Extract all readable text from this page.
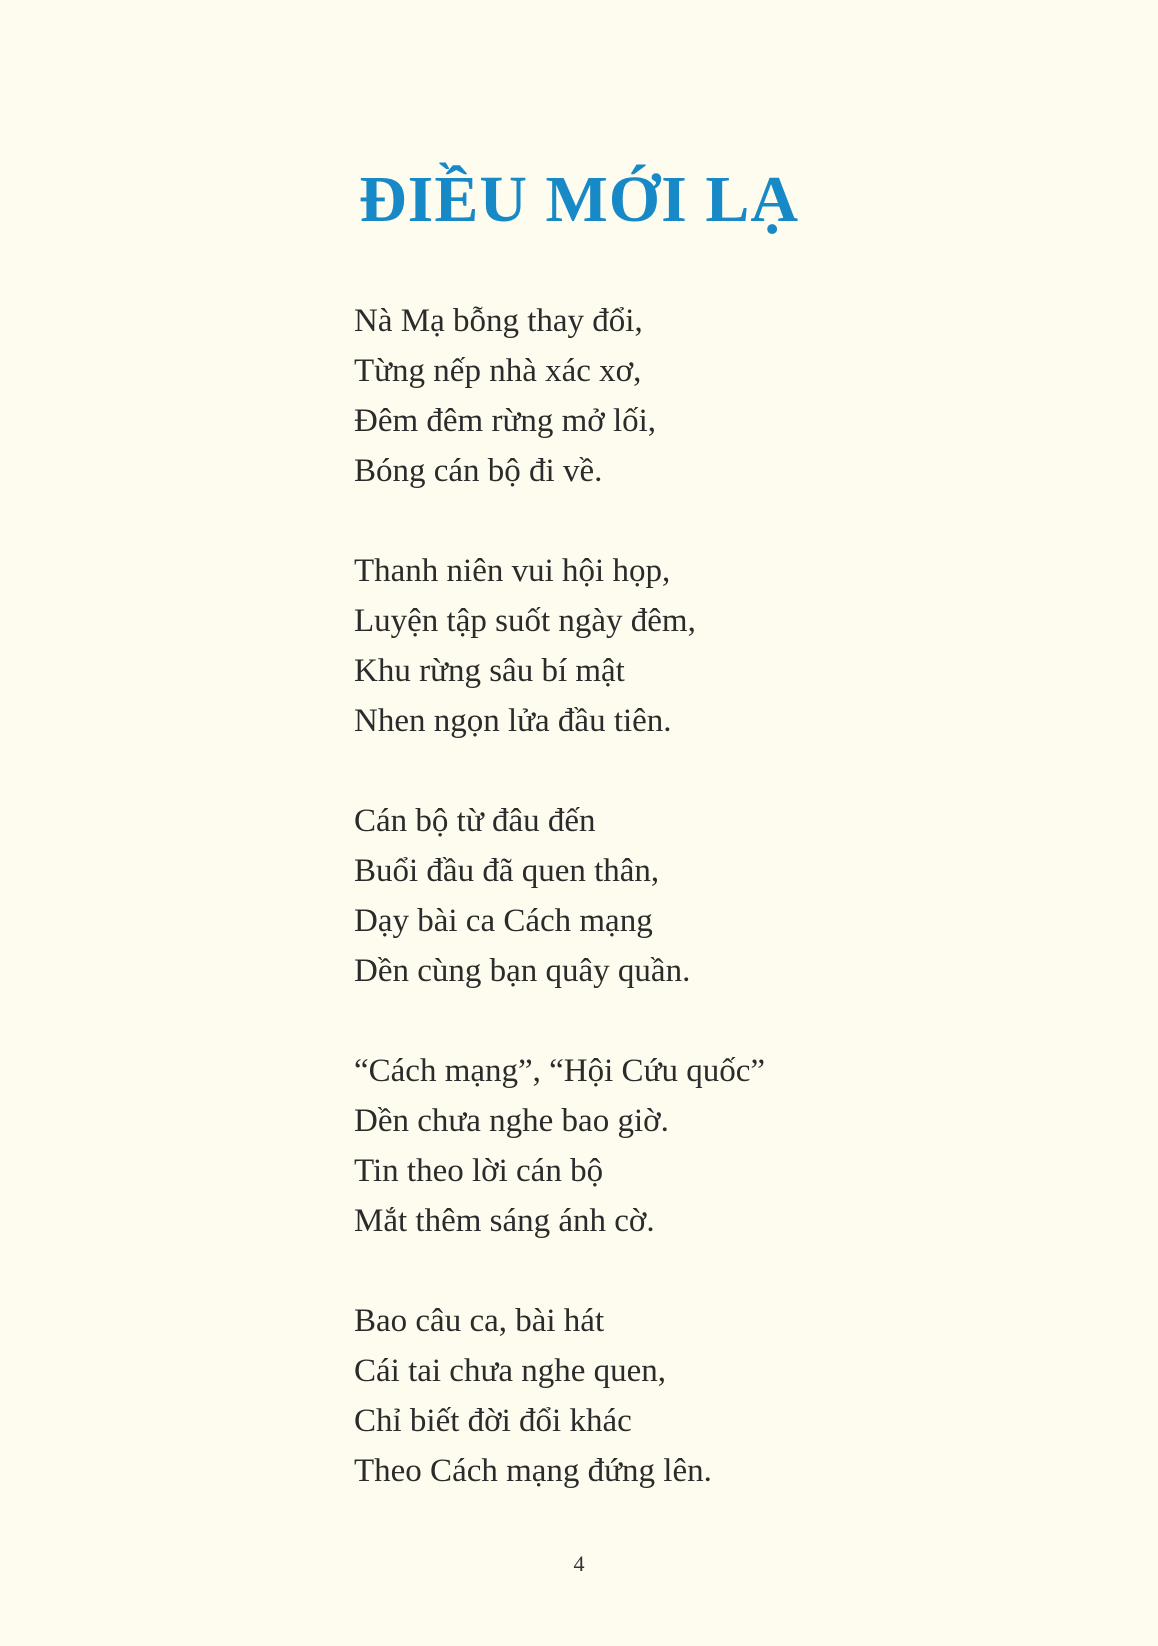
ĐIỀU MỚI LẠ
Nà Mạ bỗng thay đổi,
Từng nếp nhà xác xơ,
Đêm đêm rừng mở lối,
Bóng cán bộ đi về.
Thanh niên vui hội họp,
Luyện tập suốt ngày đêm,
Khu rừng sâu bí mật
Nhen ngọn lửa đầu tiên.
Cán bộ từ đâu đến
Buổi đầu đã quen thân,
Dạy bài ca Cách mạng
Dền cùng bạn quây quần.
“Cách mạng”, “Hội Cứu quốc”
Dền chưa nghe bao giờ.
Tin theo lời cán bộ
Mắt thêm sáng ánh cờ.
Bao câu ca, bài hát
Cái tai chưa nghe quen,
Chỉ biết đời đổi khác
Theo Cách mạng đứng lên.
4
